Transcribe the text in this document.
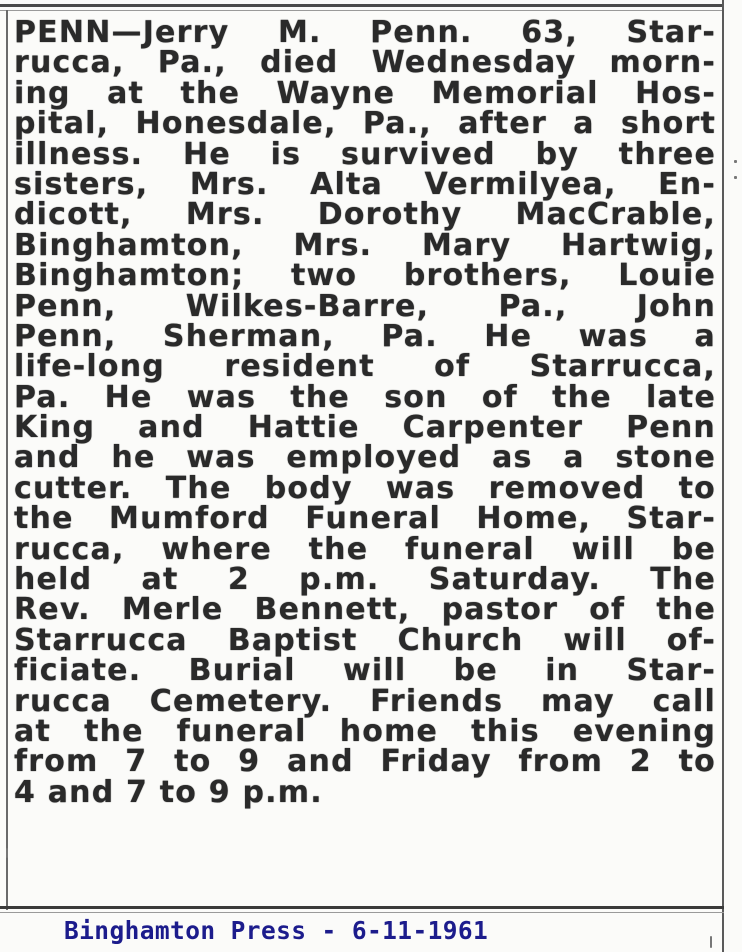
PENN—Jerry M. Penn. 63, Star-
rucca, Pa., died Wednesday morn-
ing at the Wayne Memorial Hos-
pital, Honesdale, Pa., after a short
illness. He is survived by three
sisters, Mrs. Alta Vermilyea, En-
dicott, Mrs. Dorothy MacCrable,
Binghamton, Mrs. Mary Hartwig,
Binghamton; two brothers, Louie
Penn, Wilkes-Barre, Pa., John
Penn, Sherman, Pa. He was a
life-long resident of Starrucca,
Pa. He was the son of the late
King and Hattie Carpenter Penn
and he was employed as a stone
cutter. The body was removed to
the Mumford Funeral Home, Star-
rucca, where the funeral will be
held at 2 p.m. Saturday. The
Rev. Merle Bennett, pastor of the
Starrucca Baptist Church will of-
ficiate. Burial will be in Star-
rucca Cemetery. Friends may call
at the funeral home this evening
from 7 to 9 and Friday from 2 to
4 and 7 to 9 p.m.
Binghamton Press - 6-11-1961
